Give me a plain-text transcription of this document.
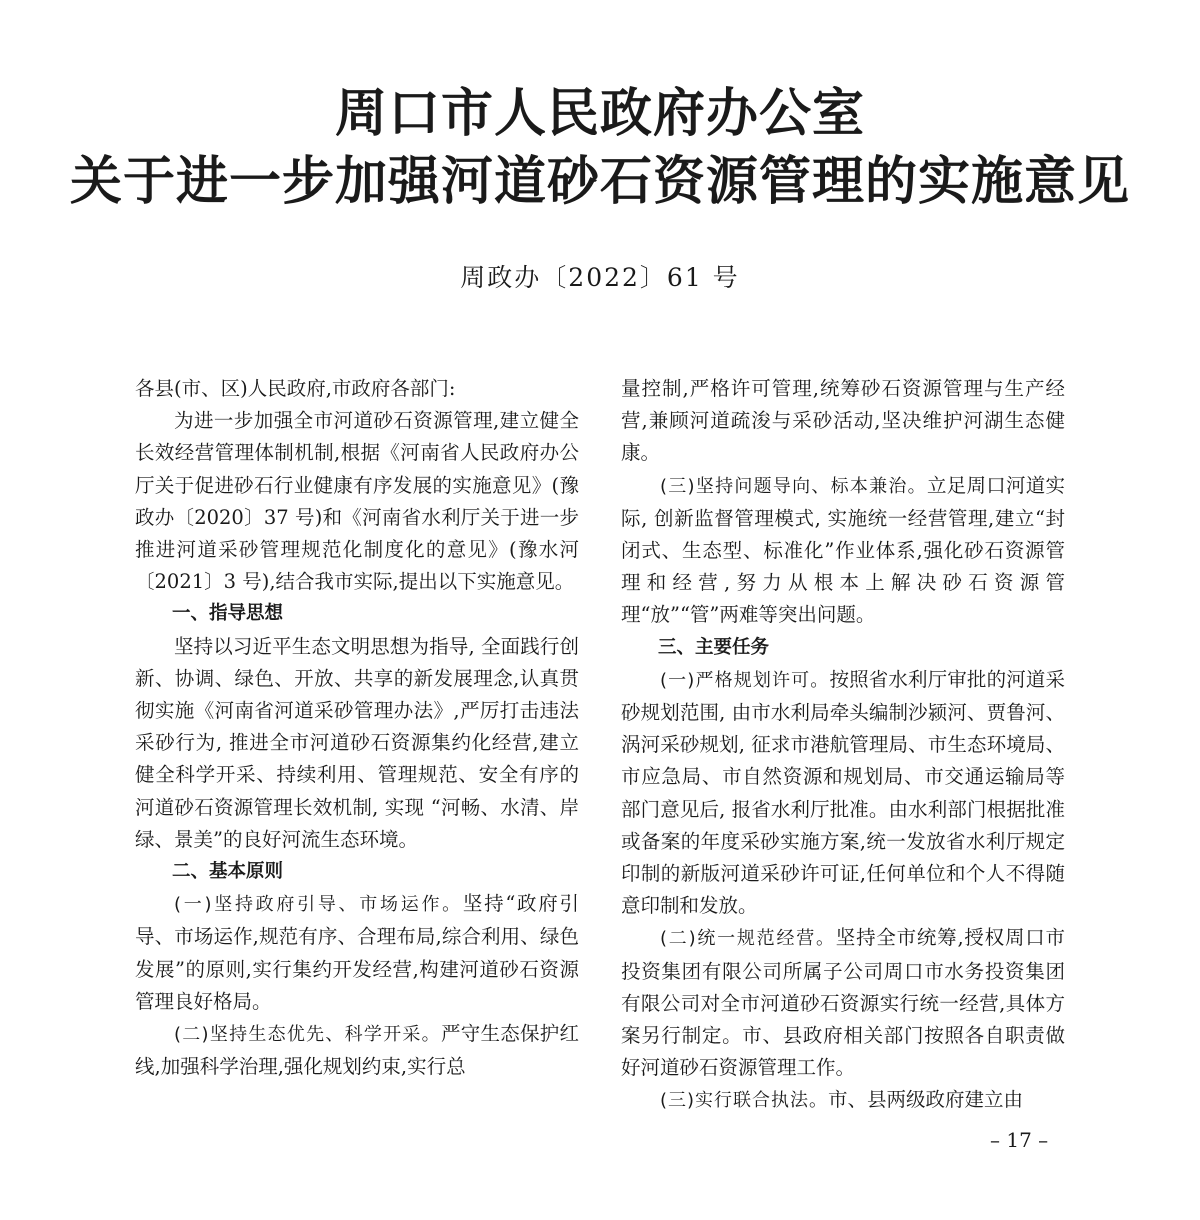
周口市人民政府办公室
关于进一步加强河道砂石资源管理的实施意见
周政办〔2022〕61 号

各县(市、区)人民政府,市政府各部门:

为进一步加强全市河道砂石资源管理,建立健全长效经营管理体制机制,根据《河南省人民政府办公厅关于促进砂石行业健康有序发展的实施意见》(豫政办〔2020〕37 号)和《河南省水利厅关于进一步推进河道采砂管理规范化制度化的意见》(豫水河〔2021〕3 号),结合我市实际,提出以下实施意见。

一、指导思想

坚持以习近平生态文明思想为指导, 全面践行创新、协调、绿色、开放、共享的新发展理念,认真贯彻实施《河南省河道采砂管理办法》,严厉打击违法采砂行为, 推进全市河道砂石资源集约化经营,建立健全科学开采、持续利用、管理规范、安全有序的河道砂石资源管理长效机制, 实现 “河畅、水清、岸绿、景美”的良好河流生态环境。

二、基本原则

(一)坚持政府引导、市场运作。坚持“政府引导、市场运作,规范有序、合理布局,综合利用、绿色发展”的原则,实行集约开发经营,构建河道砂石资源管理良好格局。

(二)坚持生态优先、科学开采。严守生态保护红线,加强科学治理,强化规划约束,实行总

量控制,严格许可管理,统筹砂石资源管理与生产经营,兼顾河道疏浚与采砂活动,坚决维护河湖生态健康。

(三)坚持问题导向、标本兼治。立足周口河道实际, 创新监督管理模式, 实施统一经营管理,建立“封闭式、生态型、标准化”作业体系,强化砂石资源管理和经营,努力从根本上解决砂石资源管理“放”“管”两难等突出问题。

三、主要任务

(一)严格规划许可。按照省水利厅审批的河道采砂规划范围, 由市水利局牵头编制沙颍河、贾鲁河、涡河采砂规划, 征求市港航管理局、市生态环境局、市应急局、市自然资源和规划局、市交通运输局等部门意见后, 报省水利厅批准。由水利部门根据批准或备案的年度采砂实施方案,统一发放省水利厅规定印制的新版河道采砂许可证,任何单位和个人不得随意印制和发放。

(二)统一规范经营。坚持全市统筹,授权周口市投资集团有限公司所属子公司周口市水务投资集团有限公司对全市河道砂石资源实行统一经营,具体方案另行制定。市、县政府相关部门按照各自职责做好河道砂石资源管理工作。

(三)实行联合执法。市、县两级政府建立由

– 17 –
